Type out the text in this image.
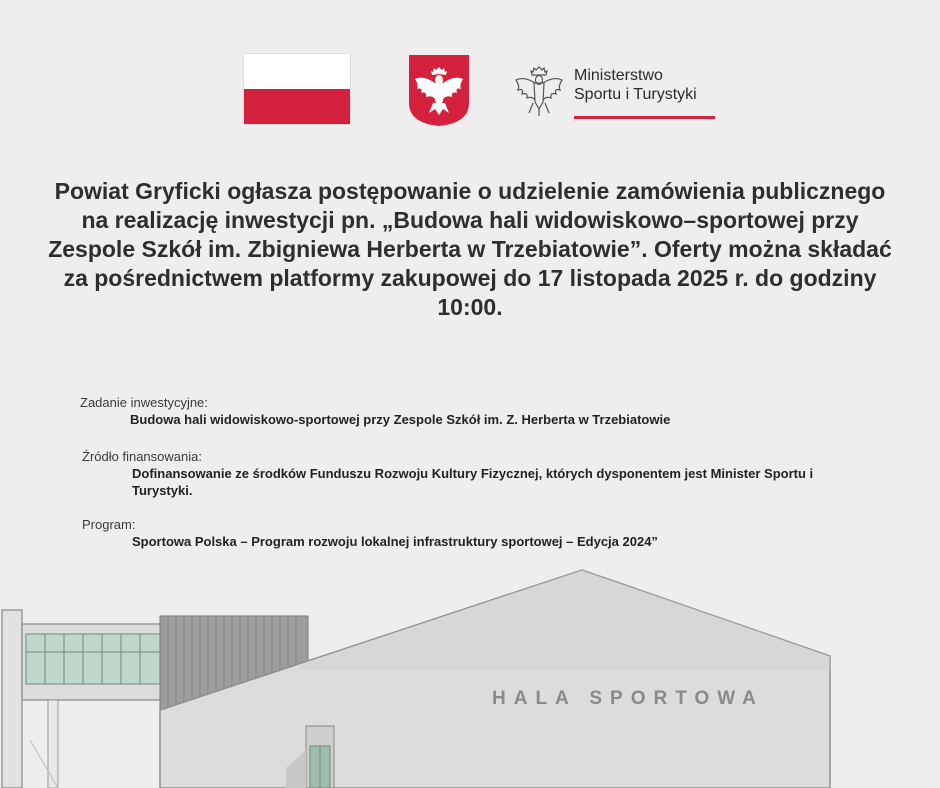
Ministerstwo
Sportu i Turystyki

Powiat Gryficki ogłasza postępowanie o udzielenie zamówienia publicznego na realizację inwestycji pn. „Budowa hali widowiskowo–sportowej przy Zespole Szkół im. Zbigniewa Herberta w Trzebiatowie”. Oferty można składać za pośrednictwem platformy zakupowej do 17 listopada 2025 r. do godziny 10:00.

Zadanie inwestycyjne:
Budowa hali widowiskowo-sportowej przy Zespole Szkół im. Z. Herberta w Trzebiatowie
Źródło finansowania:
Dofinansowanie ze środków Funduszu Rozwoju Kultury Fizycznej, których dysponentem jest Minister Sportu i Turystyki.
Program:
Sportowa Polska – Program rozwoju lokalnej infrastruktury sportowej – Edycja 2024”
HALA SPORTOWA
